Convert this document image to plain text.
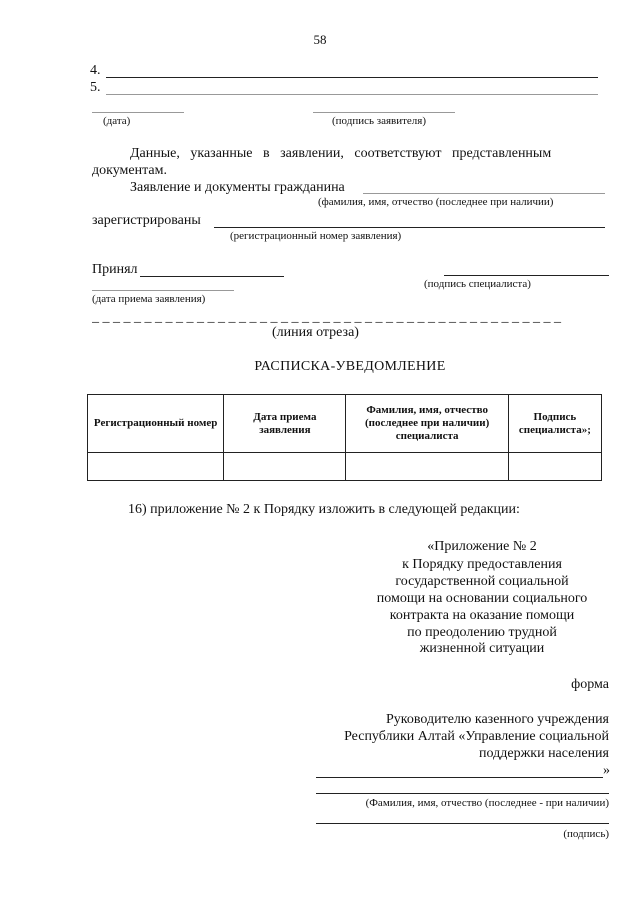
58
4.
5.
(дата)	(подпись заявителя)
Данные,   указанные   в   заявлении,   соответствуют   представленным
документам.
Заявление и документы гражданина
(фамилия, имя, отчество (последнее при наличии)
зарегистрированы
(регистрационный номер заявления)
Принял
(подпись специалиста)
(дата приема заявления)
_ _ _ _ _ _ _ _ _ _ _ _ _ _ _ _ _ _ _ _ _ _ _ _ _ _ _ _ _ _ _ _ _ _ _ _ _ _ _ _ _ _ _ _ _
(линия отреза)
РАСПИСКА-УВЕДОМЛЕНИЕ
Регистрационный номер	Дата приема заявления	Фамилия, имя, отчество (последнее при наличии) специалиста	Подпись специалиста»;

16) приложение № 2 к Порядку изложить в следующей редакции:
«Приложение № 2
к Порядку предоставления
государственной социальной
помощи на основании социального
контракта на оказание помощи
по преодолению трудной
жизненной ситуации
форма
Руководителю казенного учреждения
Республики Алтай «Управление социальной
поддержки населения
»
(Фамилия, имя, отчество (последнее - при наличии)
(подпись)
